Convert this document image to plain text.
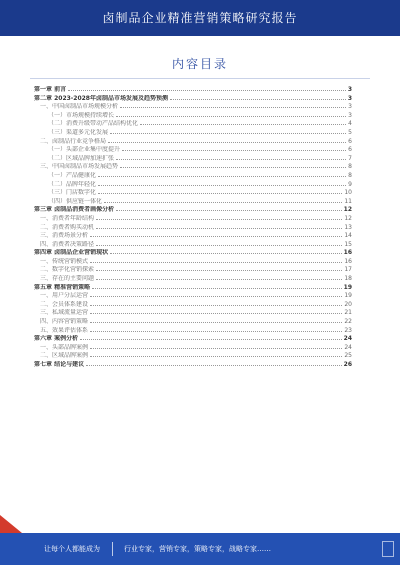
卤制品企业精准营销策略研究报告
内容目录
第一章 前言	3
第二章 2023-2028年卤制品市场发展及趋势预测	3
一、中国卤制品市场规模分析	3
（一）市场规模持续增长	3
（二）消费升级带动产品结构优化	4
（三）渠道多元化发展	5
二、卤制品行业竞争格局	6
（一）头部企业集中度提升	6
（二）区域品牌加速扩张	7
三、中国卤制品市场发展趋势	8
（一）产品健康化	8
（二）品牌年轻化	9
（三）门店数字化	10
（四）供应链一体化	11
第三章 卤制品消费者画像分析	12
一、消费者年龄结构	12
二、消费者购买动机	13
三、消费场景分析	14
四、消费者决策路径	15
第四章 卤制品企业营销现状	16
一、传统营销模式	16
二、数字化营销探索	17
三、存在的主要问题	18
第五章 精准营销策略	19
一、用户分层运营	19
二、会员体系建设	20
三、私域流量运营	21
四、内容营销策略	22
五、效果评估体系	23
第六章 案例分析	24
一、头部品牌案例	24
二、区域品牌案例	25
第七章 结论与建议	26
让每个人都能成为	行业专家，营销专家，策略专家，战略专家……
